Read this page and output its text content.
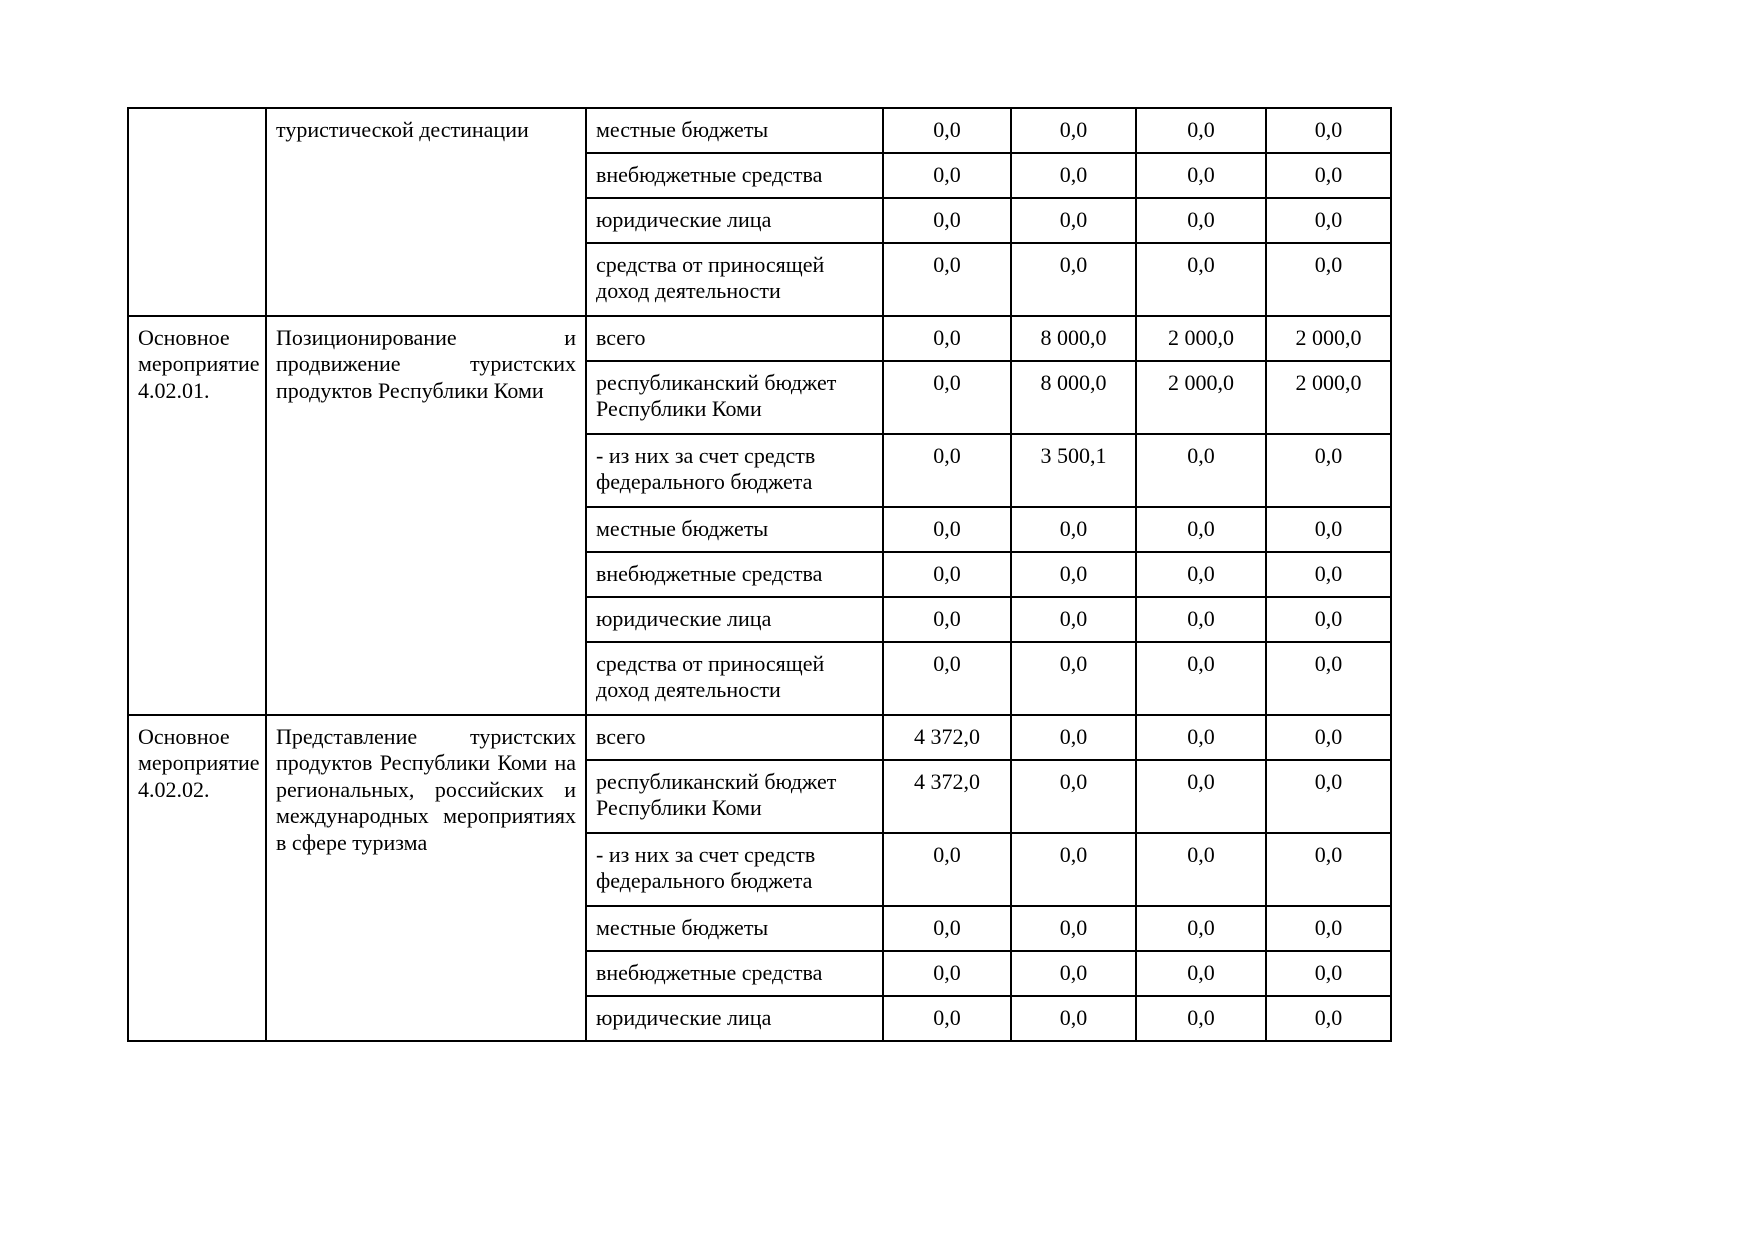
	туристической дестинации	местные бюджеты	0,0	0,0	0,0	0,0
		внебюджетные средства	0,0	0,0	0,0	0,0
		юридические лица	0,0	0,0	0,0	0,0
		средства от приносящей доход деятельности	0,0	0,0	0,0	0,0
Основное мероприятие 4.02.01.	Позиционирование и продвижение туристских продуктов Республики Коми	всего	0,0	8 000,0	2 000,0	2 000,0
		республиканский бюджет Республики Коми	0,0	8 000,0	2 000,0	2 000,0
		- из них за счет средств федерального бюджета	0,0	3 500,1	0,0	0,0
		местные бюджеты	0,0	0,0	0,0	0,0
		внебюджетные средства	0,0	0,0	0,0	0,0
		юридические лица	0,0	0,0	0,0	0,0
		средства от приносящей доход деятельности	0,0	0,0	0,0	0,0
Основное мероприятие 4.02.02.	Представление туристских продуктов Республики Коми на региональных, российских и международных мероприятиях в сфере туризма	всего	4 372,0	0,0	0,0	0,0
		республиканский бюджет Республики Коми	4 372,0	0,0	0,0	0,0
		- из них за счет средств федерального бюджета	0,0	0,0	0,0	0,0
		местные бюджеты	0,0	0,0	0,0	0,0
		внебюджетные средства	0,0	0,0	0,0	0,0
		юридические лица	0,0	0,0	0,0	0,0
